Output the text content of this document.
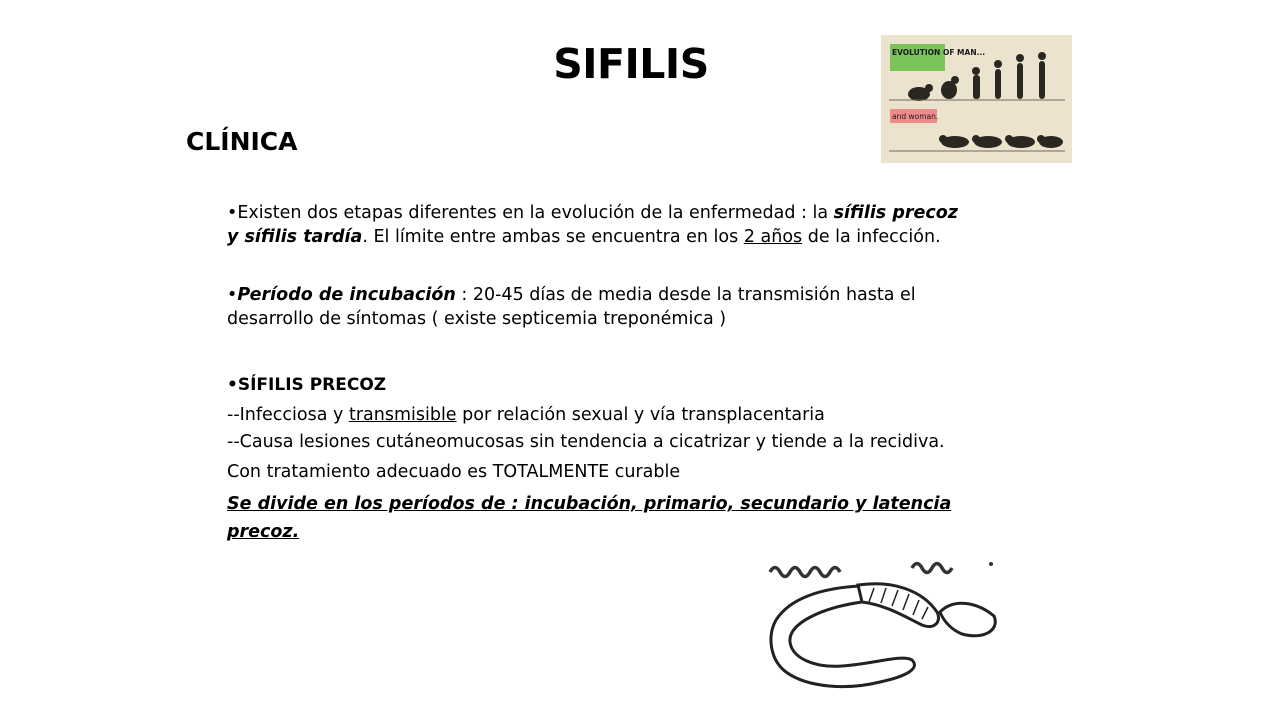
SIFILIS
CLÍNICA
•Existen dos etapas diferentes en la evolución de la enfermedad : la sífilis precoz y sífilis tardía. El límite entre ambas se encuentra en los 2 años de la infección.
•Período de incubación : 20-45 días de media desde la transmisión hasta el desarrollo de síntomas ( existe septicemia treponémica )
•SÍFILIS PRECOZ
--Infecciosa y transmisible por relación sexual y vía transplacentaria
--Causa lesiones cutáneomucosas sin tendencia a cicatrizar y tiende a la recidiva. Con tratamiento adecuado es TOTALMENTE curable
Se divide en los períodos de : incubación, primario, secundario y latencia precoz.
EVOLUTION OF MAN...
and woman.
